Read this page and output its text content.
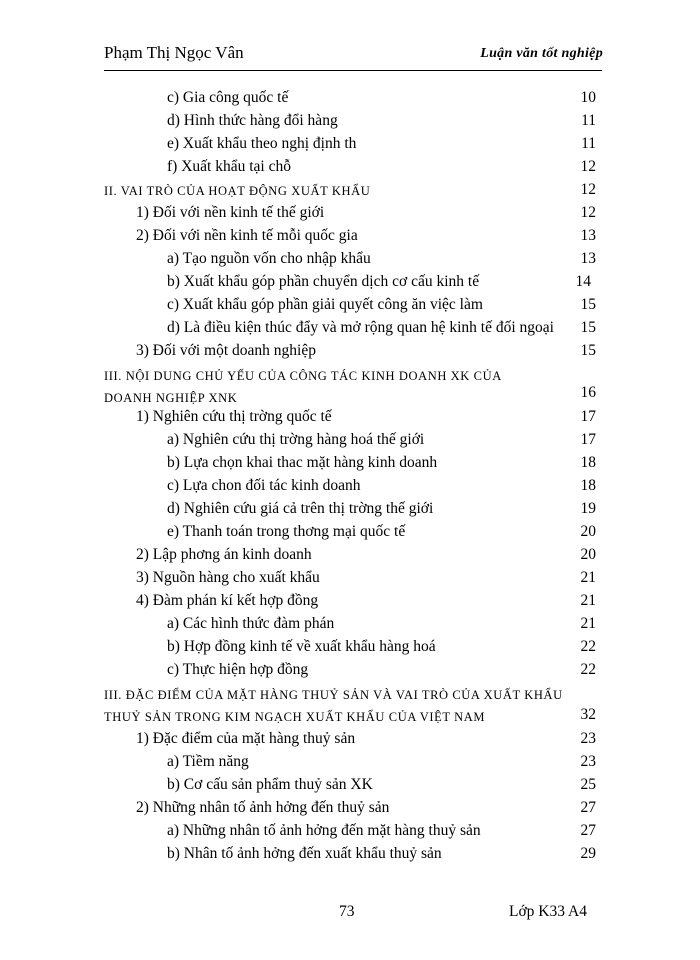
Phạm Thị Ngọc Vân	Luận văn tốt nghiệp
c) Gia công quốc tế	10
d) Hình thức hàng đổi hàng	11
e) Xuất khẩu theo nghị định th	11
f) Xuất khẩu tại chỗ	12
II. VAI TRÒ CỦA HOẠT ĐỘNG XUẤT KHẨU	12
1) Đối với nền kinh tế thế giới	12
2) Đối với nền kinh tế mỗi quốc gia	13
a) Tạo nguồn vốn cho nhập khẩu	13
b) Xuất khẩu góp phần chuyển dịch cơ cấu kinh tế	14
c) Xuất khẩu góp phần giải quyết công ăn việc làm	15
d) Là điều kiện thúc đẩy và mở rộng quan hệ kinh tế đối ngoại	15
3) Đối với một doanh nghiệp	15
III. NỘI DUNG CHỦ YẾU CỦA CÔNG TÁC KINH DOANH XK CỦA
DOANH NGHIỆP XNK	16
1) Nghiên cứu thị trờng quốc tế	17
a) Nghiên cứu thị trờng hàng hoá thế giới	17
b) Lựa chọn khai thac mặt hàng kinh doanh	18
c) Lựa chon đối tác kinh doanh	18
d) Nghiên cứu giá cả trên thị trờng thế giới	19
e) Thanh toán trong thơng mại quốc tế	20
2) Lập phơng án kinh doanh	20
3) Nguồn hàng cho xuất khẩu	21
4) Đàm phán kí kết hợp đồng	21
a) Các hình thức đàm phán	21
b) Hợp đồng kinh tế về xuất khẩu hàng hoá	22
c) Thực hiện hợp đồng	22
III. ĐẶC ĐIỂM CỦA MẶT HÀNG THUỶ SẢN VÀ VAI TRÒ CỦA XUẤT KHẨU
THUỶ SẢN TRONG KIM NGẠCH XUẤT KHẨU CỦA VIỆT NAM	32
1) Đặc điểm của mặt hàng thuỷ sản	23
a) Tiềm năng	23
b) Cơ cấu sản phẩm thuỷ sản XK	25
2) Những nhân tố ảnh hởng đến thuỷ sản	27
a) Những nhân tố ảnh hởng đến mặt hàng thuỷ sản	27
b) Nhân tố ảnh hởng đến xuất khẩu thuỷ sản	29
73	Lớp K33 A4
